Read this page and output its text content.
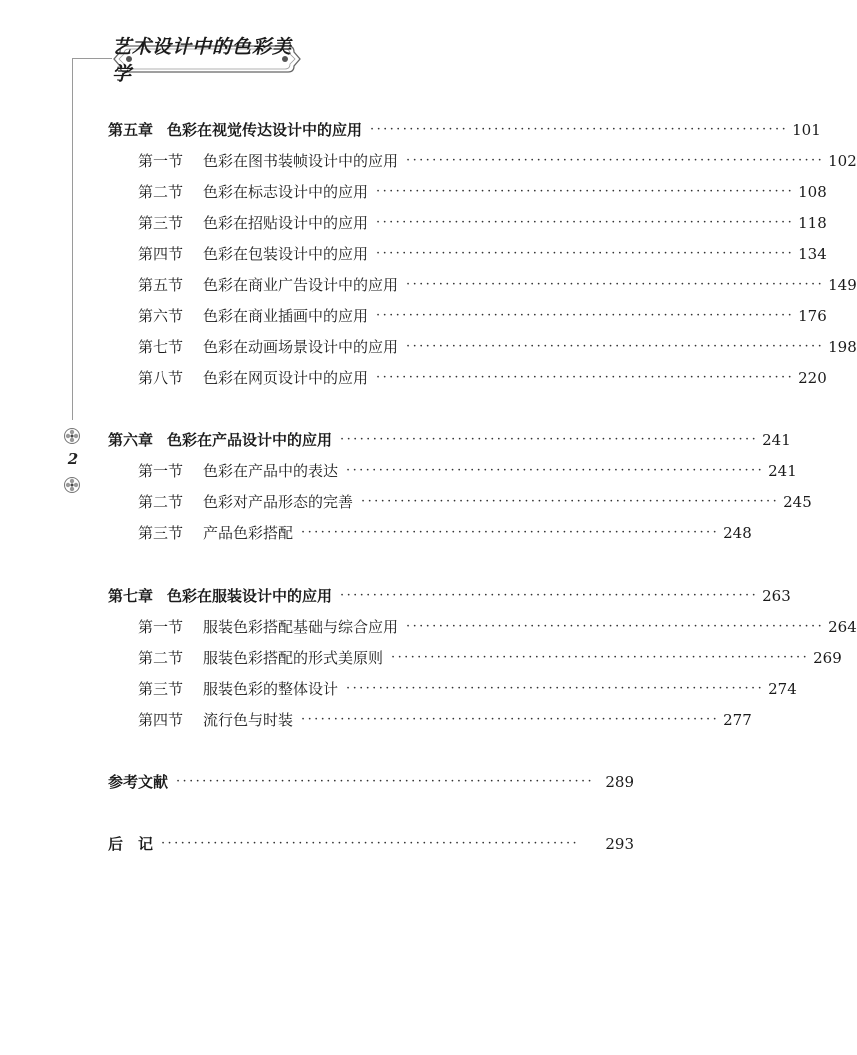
艺术设计中的色彩美学
2
第五章 色彩在视觉传达设计中的应用 ································································ 101
第一节 色彩在图书装帧设计中的应用 ································································ 102
第二节 色彩在标志设计中的应用 ································································ 108
第三节 色彩在招贴设计中的应用 ································································ 118
第四节 色彩在包装设计中的应用 ································································ 134
第五节 色彩在商业广告设计中的应用 ································································ 149
第六节 色彩在商业插画中的应用 ································································ 176
第七节 色彩在动画场景设计中的应用 ································································ 198
第八节 色彩在网页设计中的应用 ································································ 220
第六章 色彩在产品设计中的应用 ································································ 241
第一节 色彩在产品中的表达 ································································ 241
第二节 色彩对产品形态的完善 ································································ 245
第三节 产品色彩搭配 ································································ 248
第七章 色彩在服装设计中的应用 ································································ 263
第一节 服装色彩搭配基础与综合应用 ································································ 264
第二节 服装色彩搭配的形式美原则 ································································ 269
第三节 服装色彩的整体设计 ································································ 274
第四节 流行色与时装 ································································ 277
参考文献 ································································ 289
后　记 ································································	293
